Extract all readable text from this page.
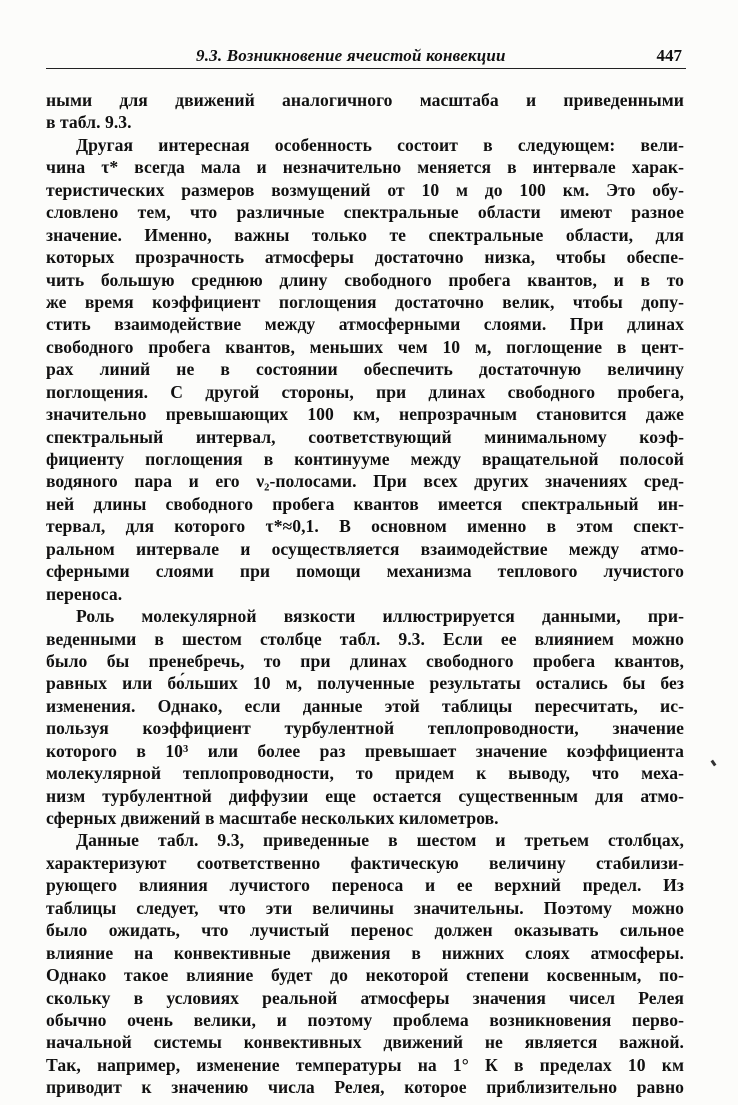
9.3. Возникновение ячеистой конвекции	447
ными для движений аналогичного масштаба и приведенными
в табл. 9.3.
Другая интересная особенность состоит в следующем: вели-
чина τ* всегда мала и незначительно меняется в интервале харак-
теристических размеров возмущений от 10 м до 100 км. Это обу-
словлено тем, что различные спектральные области имеют разное
значение. Именно, важны только те спектральные области, для
которых прозрачность атмосферы достаточно низка, чтобы обеспе-
чить большую среднюю длину свободного пробега квантов, и в то
же время коэффициент поглощения достаточно велик, чтобы допу-
стить взаимодействие между атмосферными слоями. При длинах
свободного пробега квантов, меньших чем 10 м, поглощение в цент-
рах линий не в состоянии обеспечить достаточную величину
поглощения. С другой стороны, при длинах свободного пробега,
значительно превышающих 100 км, непрозрачным становится даже
спектральный интервал, соответствующий минимальному коэф-
фициенту поглощения в континууме между вращательной полосой
водяного пара и его ν₂-полосами. При всех других значениях сред-
ней длины свободного пробега квантов имеется спектральный ин-
тервал, для которого τ*≈0,1. В основном именно в этом спект-
ральном интервале и осуществляется взаимодействие между атмо-
сферными слоями при помощи механизма теплового лучистого
переноса.
Роль молекулярной вязкости иллюстрируется данными, при-
веденными в шестом столбце табл. 9.3. Если ее влиянием можно
было бы пренебречь, то при длинах свободного пробега квантов,
равных или бо́льших 10 м, полученные результаты остались бы без
изменения. Однако, если данные этой таблицы пересчитать, ис-
пользуя коэффициент турбулентной теплопроводности, значение
которого в 10³ или более раз превышает значение коэффициента
молекулярной теплопроводности, то придем к выводу, что меха-
низм турбулентной диффузии еще остается существенным для атмо-
сферных движений в масштабе нескольких километров.
Данные табл. 9.3, приведенные в шестом и третьем столбцах,
характеризуют соответственно фактическую величину стабилизи-
рующего влияния лучистого переноса и ее верхний предел. Из
таблицы следует, что эти величины значительны. Поэтому можно
было ожидать, что лучистый перенос должен оказывать сильное
влияние на конвективные движения в нижних слоях атмосферы.
Однако такое влияние будет до некоторой степени косвенным, по-
скольку в условиях реальной атмосферы значения чисел Релея
обычно очень велики, и поэтому проблема возникновения перво-
начальной системы конвективных движений не является важной.
Так, например, изменение температуры на 1° К в пределах 10 км
приводит к значению числа Релея, которое приблизительно равно
